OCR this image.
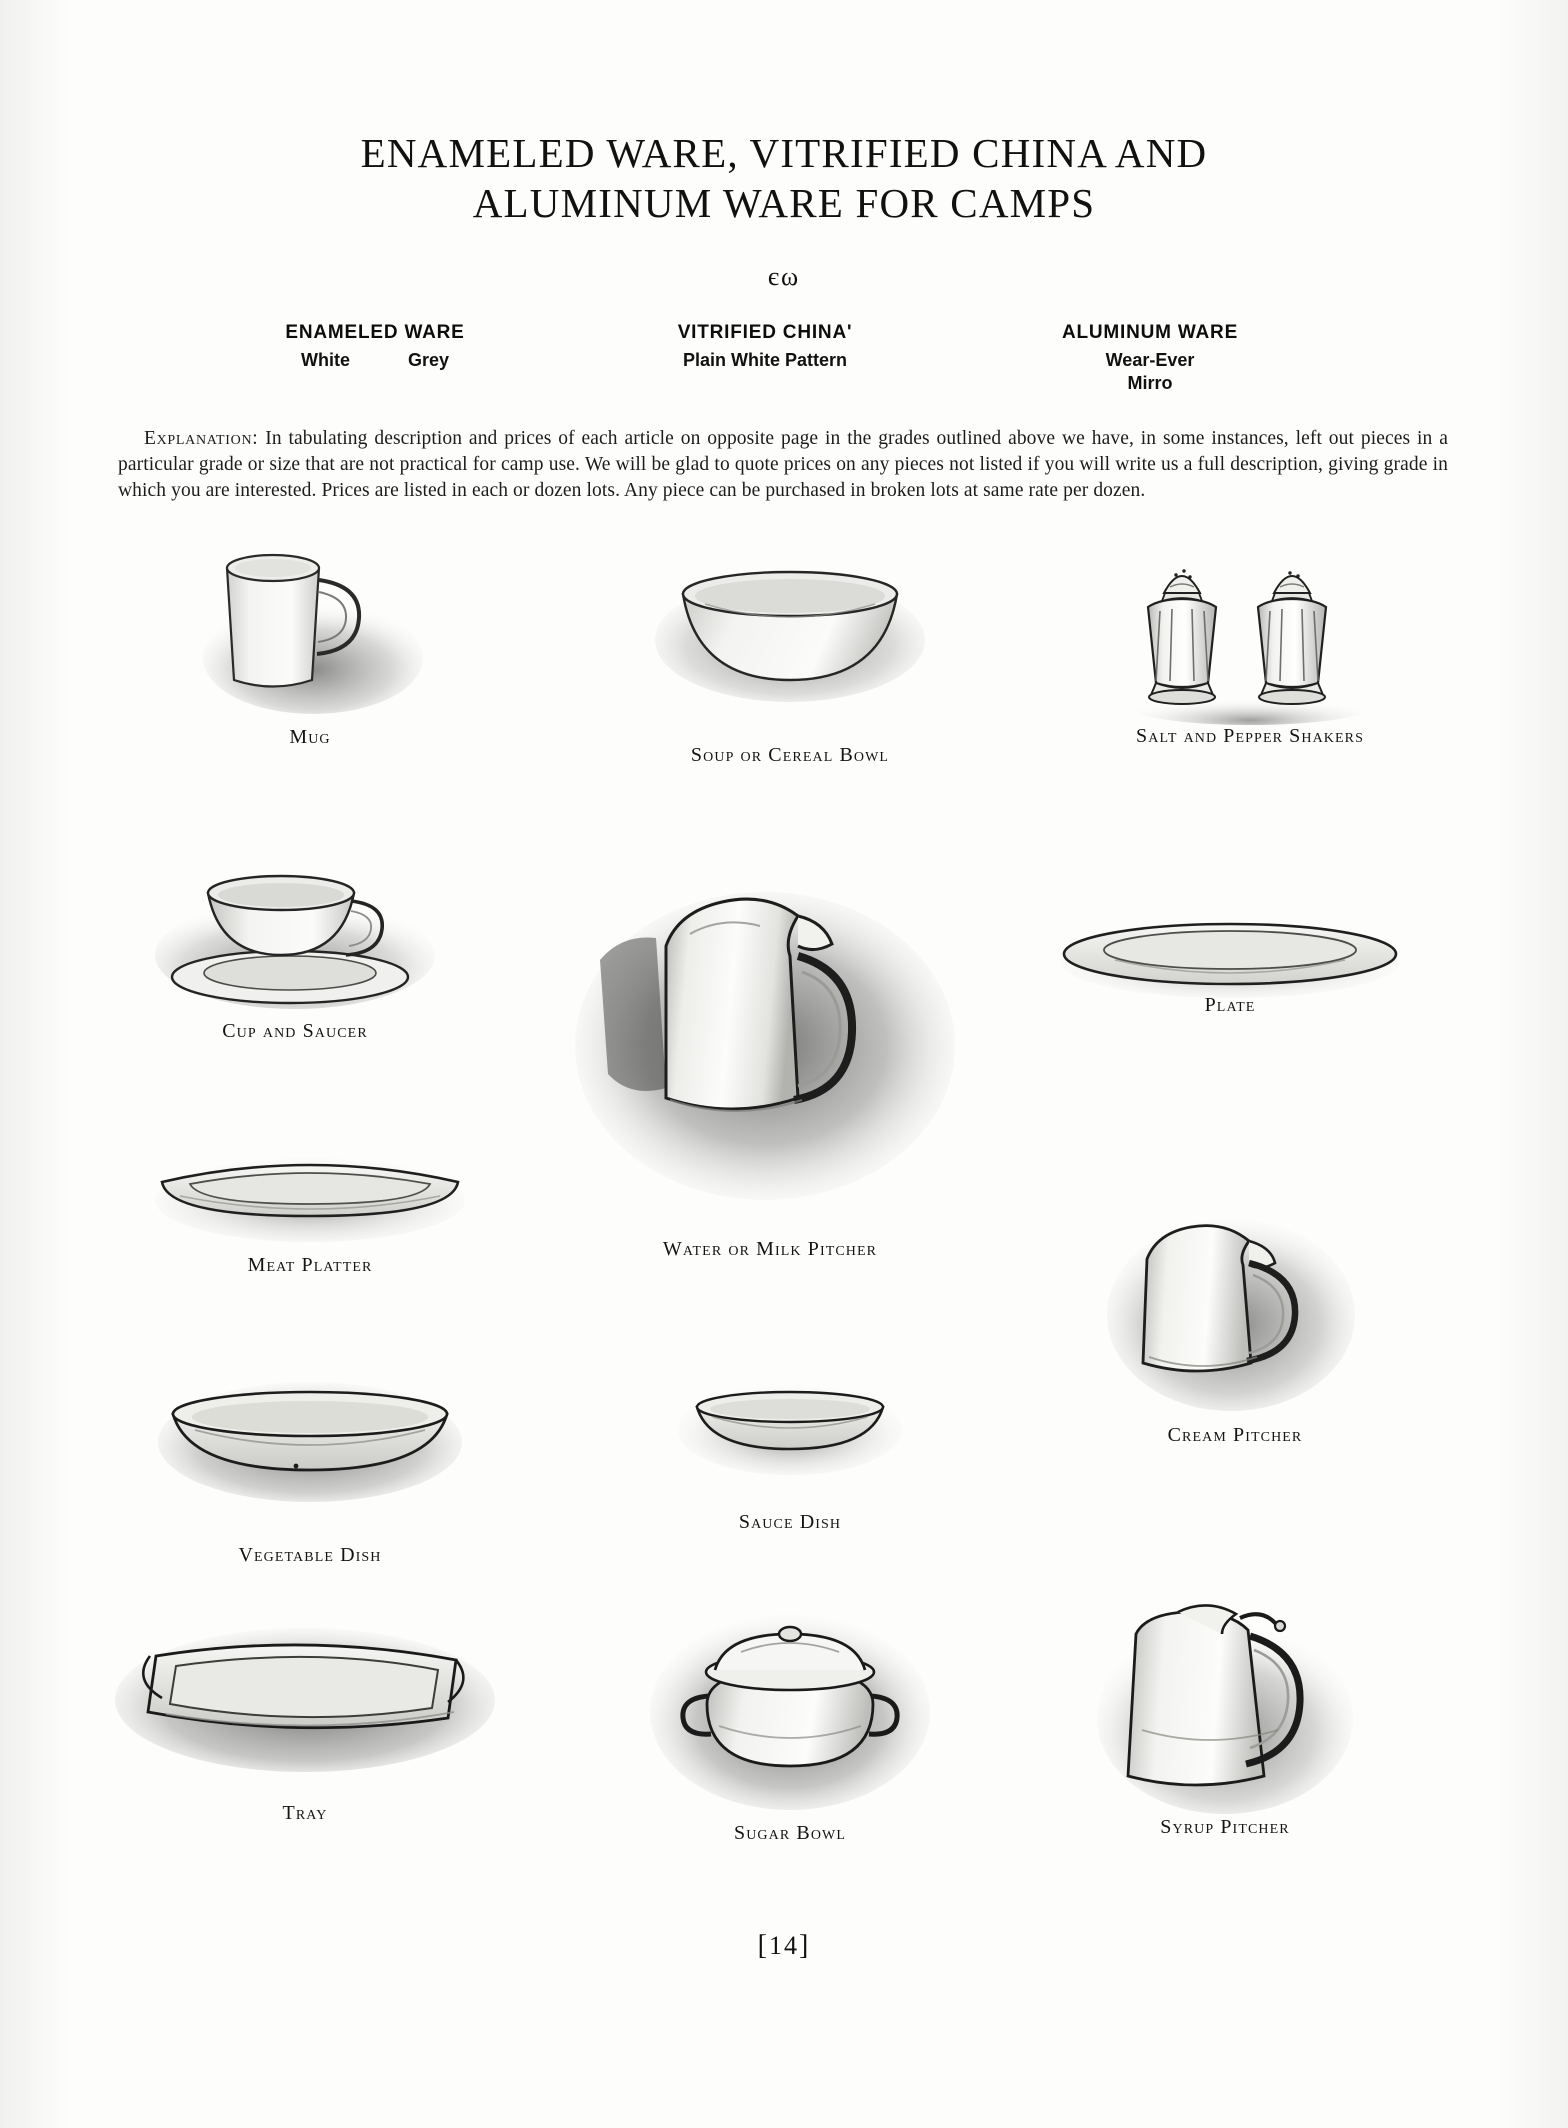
ENAMELED WARE, VITRIFIED CHINA AND
ALUMINUM WARE FOR CAMPS
єω
ENAMELED WARE
White	Grey
VITRIFIED CHINA'
Plain White Pattern
ALUMINUM WARE
Wear-Ever
Mirro
Explanation: In tabulating description and prices of each article on opposite page in the grades outlined above we have, in some instances, left out pieces in a particular grade or size that are not practical for camp use. We will be glad to quote prices on any pieces not listed if you will write us a full description, giving grade in which you are interested. Prices are listed in each or dozen lots. Any piece can be purchased in broken lots at same rate per dozen.
Mug
Soup or Cereal Bowl
Salt and Pepper Shakers
Cup and Saucer
Water or Milk Pitcher
Plate
Meat Platter
Cream Pitcher
Vegetable Dish
Sauce Dish
Tray
Sugar Bowl	Syrup Pitcher
[14]
